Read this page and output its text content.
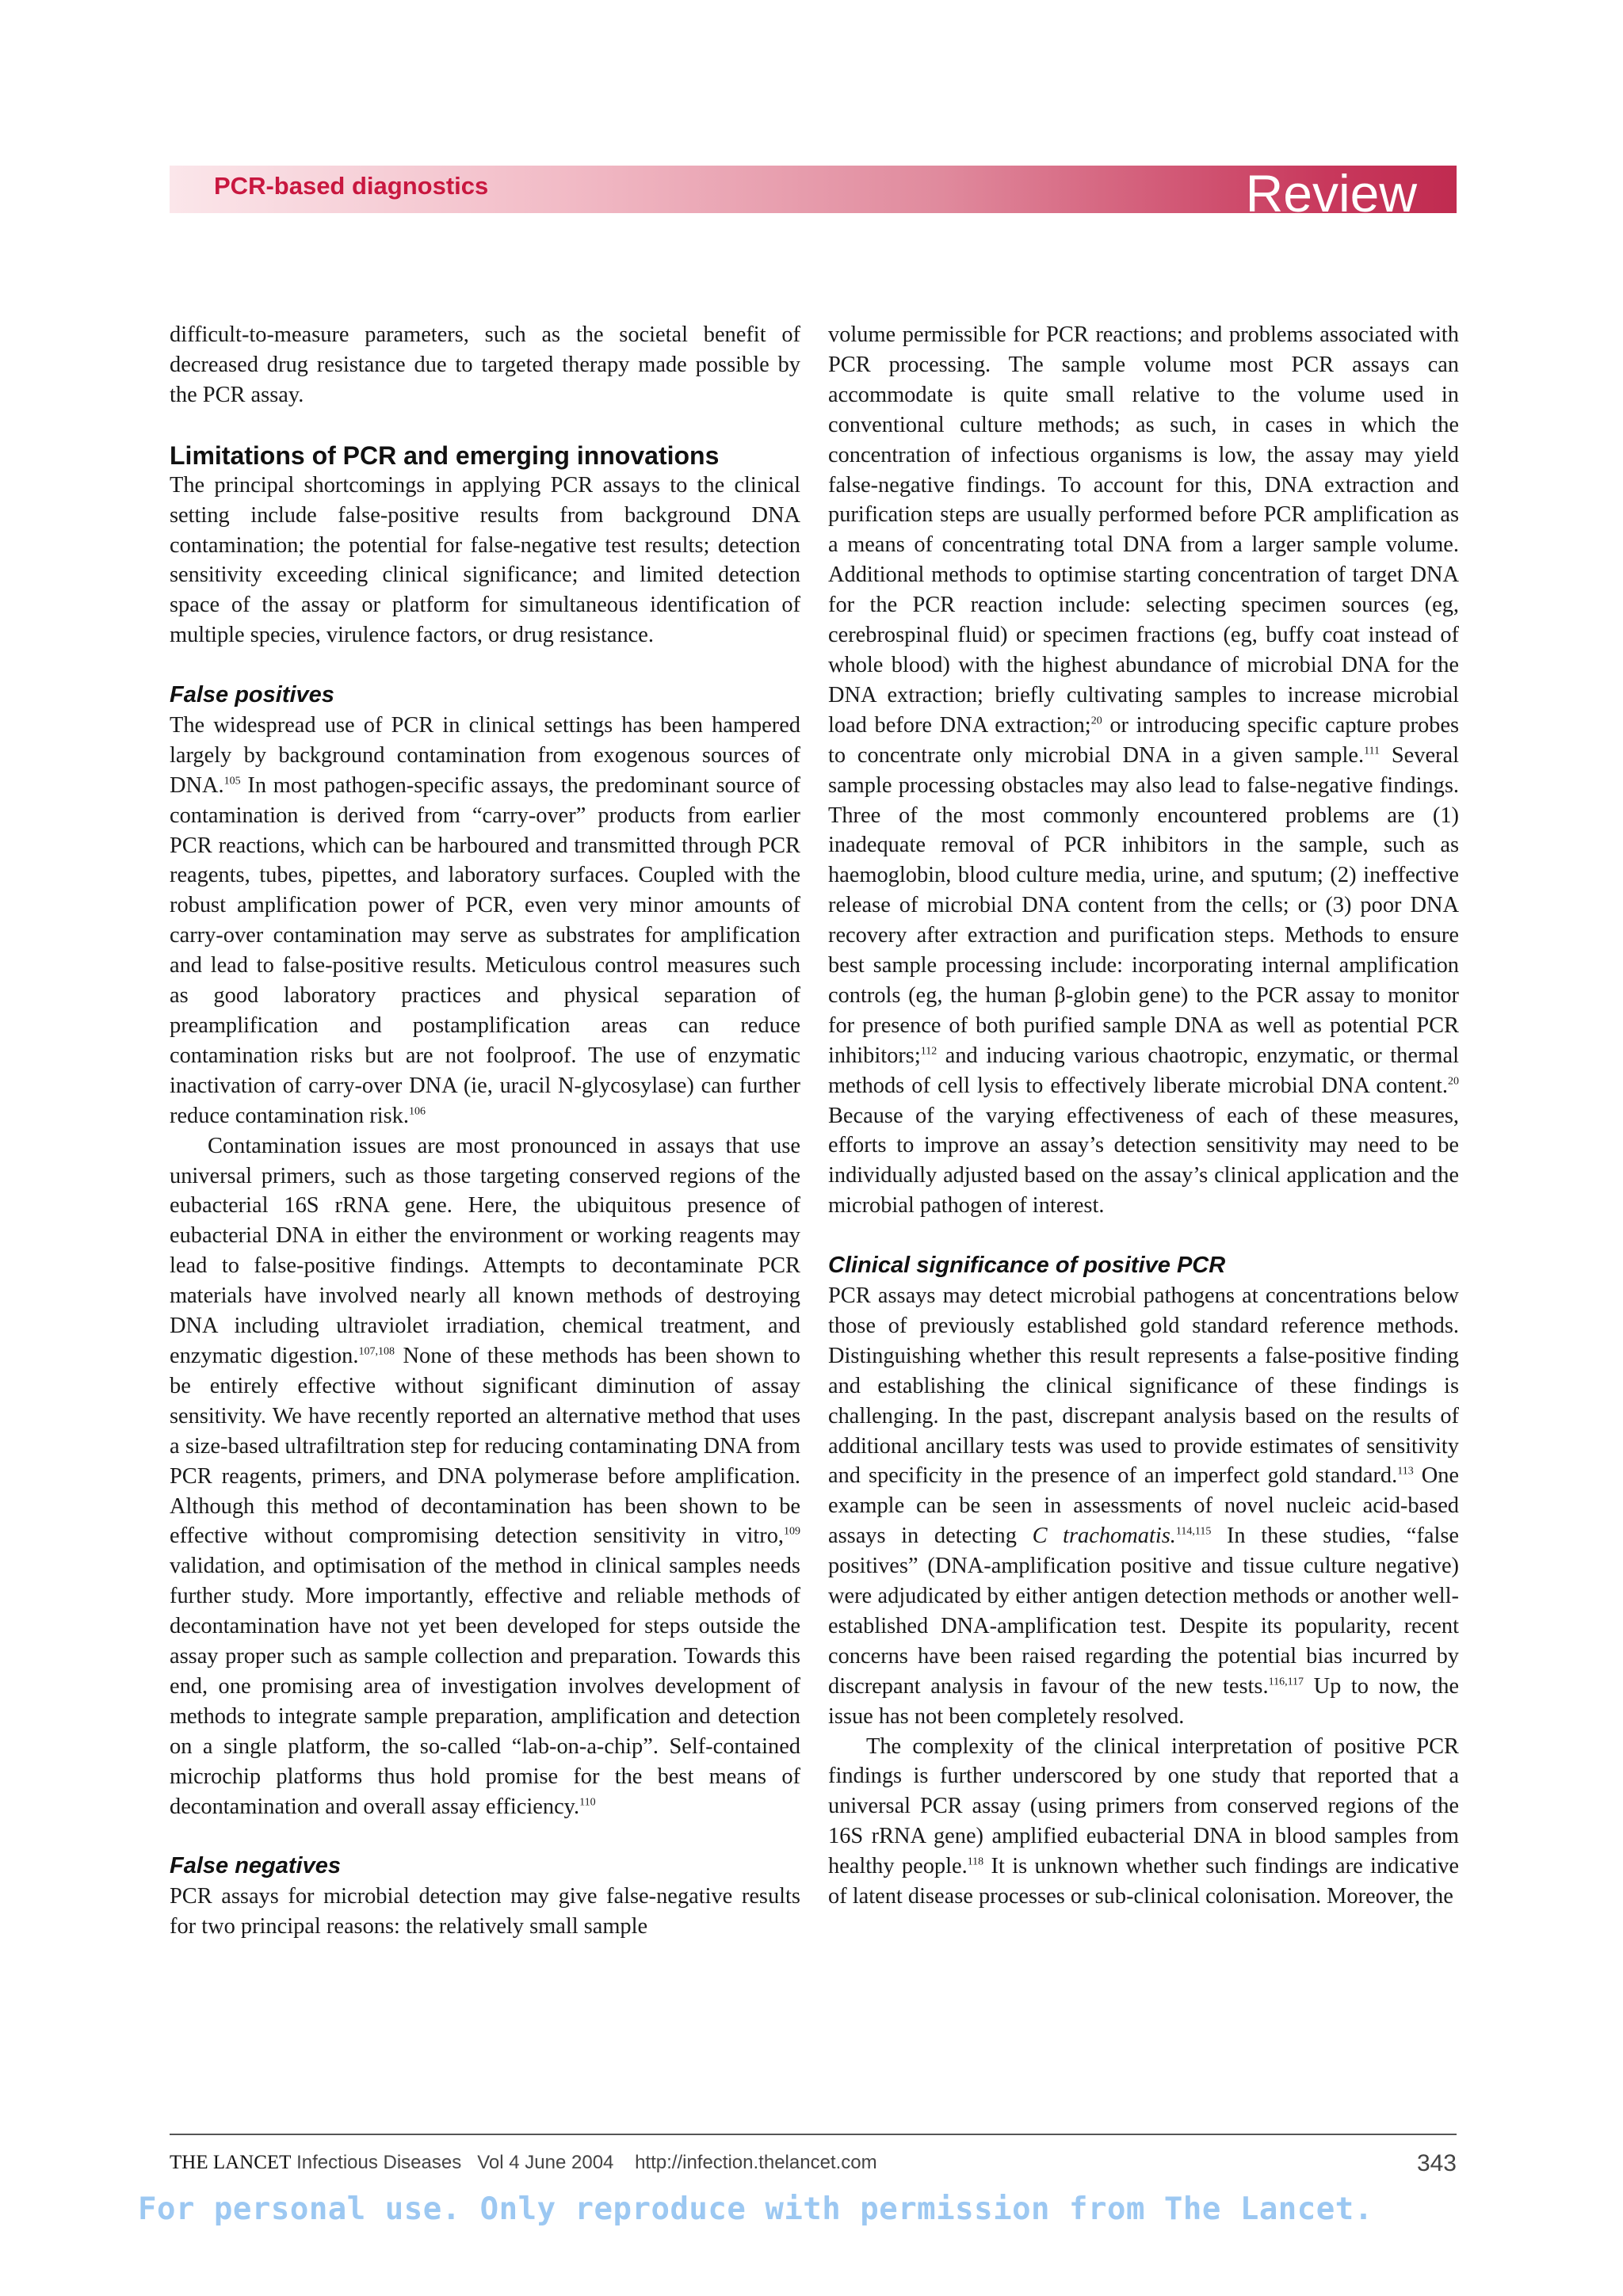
PCR-based diagnostics	Review

difficult-to-measure parameters, such as the societal benefit of decreased drug resistance due to targeted therapy made possible by the PCR assay.

Limitations of PCR and emerging innovations

The principal shortcomings in applying PCR assays to the clinical setting include false-positive results from background DNA contamination; the potential for false-negative test results; detection sensitivity exceeding clinical significance; and limited detection space of the assay or platform for simultaneous identification of multiple species, virulence factors, or drug resistance.

False positives

The widespread use of PCR in clinical settings has been hampered largely by background contamination from exogenous sources of DNA.$^{105}$ In most pathogen-specific assays, the predominant source of contamination is derived from “carry-over” products from earlier PCR reactions, which can be harboured and transmitted through PCR reagents, tubes, pipettes, and laboratory surfaces. Coupled with the robust amplification power of PCR, even very minor amounts of carry-over contamination may serve as substrates for amplification and lead to false-positive results. Meticulous control measures such as good laboratory practices and physical separation of preamplification and postamplification areas can reduce contamination risks but are not foolproof. The use of enzymatic inactivation of carry-over DNA (ie, uracil N-glycosylase) can further reduce contamination risk.$^{106}$

Contamination issues are most pronounced in assays that use universal primers, such as those targeting conserved regions of the eubacterial 16S rRNA gene. Here, the ubiquitous presence of eubacterial DNA in either the environment or working reagents may lead to false-positive findings. Attempts to decontaminate PCR materials have involved nearly all known methods of destroying DNA including ultraviolet irradiation, chemical treatment, and enzymatic digestion.$^{107,108}$ None of these methods has been shown to be entirely effective without significant diminution of assay sensitivity. We have recently reported an alternative method that uses a size-based ultrafiltration step for reducing contaminating DNA from PCR reagents, primers, and DNA polymerase before amplification. Although this method of decontamination has been shown to be effective without compromising detection sensitivity in vitro,$^{109}$ validation, and optimisation of the method in clinical samples needs further study. More importantly, effective and reliable methods of decontamination have not yet been developed for steps outside the assay proper such as sample collection and preparation. Towards this end, one promising area of investigation involves development of methods to integrate sample preparation, amplification and detection on a single platform, the so-called “lab-on-a-chip”. Self-contained microchip platforms thus hold promise for the best means of decontamination and overall assay efficiency.$^{110}$

False negatives

PCR assays for microbial detection may give false-negative results for two principal reasons: the relatively small sample

volume permissible for PCR reactions; and problems associated with PCR processing. The sample volume most PCR assays can accommodate is quite small relative to the volume used in conventional culture methods; as such, in cases in which the concentration of infectious organisms is low, the assay may yield false-negative findings. To account for this, DNA extraction and purification steps are usually performed before PCR amplification as a means of concentrating total DNA from a larger sample volume. Additional methods to optimise starting concentration of target DNA for the PCR reaction include: selecting specimen sources (eg, cerebrospinal fluid) or specimen fractions (eg, buffy coat instead of whole blood) with the highest abundance of microbial DNA for the DNA extraction; briefly cultivating samples to increase microbial load before DNA extraction;$^{20}$ or introducing specific capture probes to concentrate only microbial DNA in a given sample.$^{111}$ Several sample processing obstacles may also lead to false-negative findings. Three of the most commonly encountered problems are (1) inadequate removal of PCR inhibitors in the sample, such as haemoglobin, blood culture media, urine, and sputum; (2) ineffective release of microbial DNA content from the cells; or (3) poor DNA recovery after extraction and purification steps. Methods to ensure best sample processing include: incorporating internal amplification controls (eg, the human β-globin gene) to the PCR assay to monitor for presence of both purified sample DNA as well as potential PCR inhibitors;$^{112}$ and inducing various chaotropic, enzymatic, or thermal methods of cell lysis to effectively liberate microbial DNA content.$^{20}$ Because of the varying effectiveness of each of these measures, efforts to improve an assay’s detection sensitivity may need to be individually adjusted based on the assay’s clinical application and the microbial pathogen of interest.

Clinical significance of positive PCR

PCR assays may detect microbial pathogens at concentrations below those of previously established gold standard reference methods. Distinguishing whether this result represents a false-positive finding and establishing the clinical significance of these findings is challenging. In the past, discrepant analysis based on the results of additional ancillary tests was used to provide estimates of sensitivity and specificity in the presence of an imperfect gold standard.$^{113}$ One example can be seen in assessments of novel nucleic acid-based assays in detecting C trachomatis.$^{114,115}$ In these studies, “false positives” (DNA-amplification positive and tissue culture negative) were adjudicated by either antigen detection methods or another well-established DNA-amplification test. Despite its popularity, recent concerns have been raised regarding the potential bias incurred by discrepant analysis in favour of the new tests.$^{116,117}$ Up to now, the issue has not been completely resolved.

The complexity of the clinical interpretation of positive PCR findings is further underscored by one study that reported that a universal PCR assay (using primers from conserved regions of the 16S rRNA gene) amplified eubacterial DNA in blood samples from healthy people.$^{118}$ It is unknown whether such findings are indicative of latent disease processes or sub-clinical colonisation. Moreover, the

THE LANCET Infectious Diseases Vol 4 June 2004 http://infection.thelancet.com	343
For personal use. Only reproduce with permission from The Lancet.
